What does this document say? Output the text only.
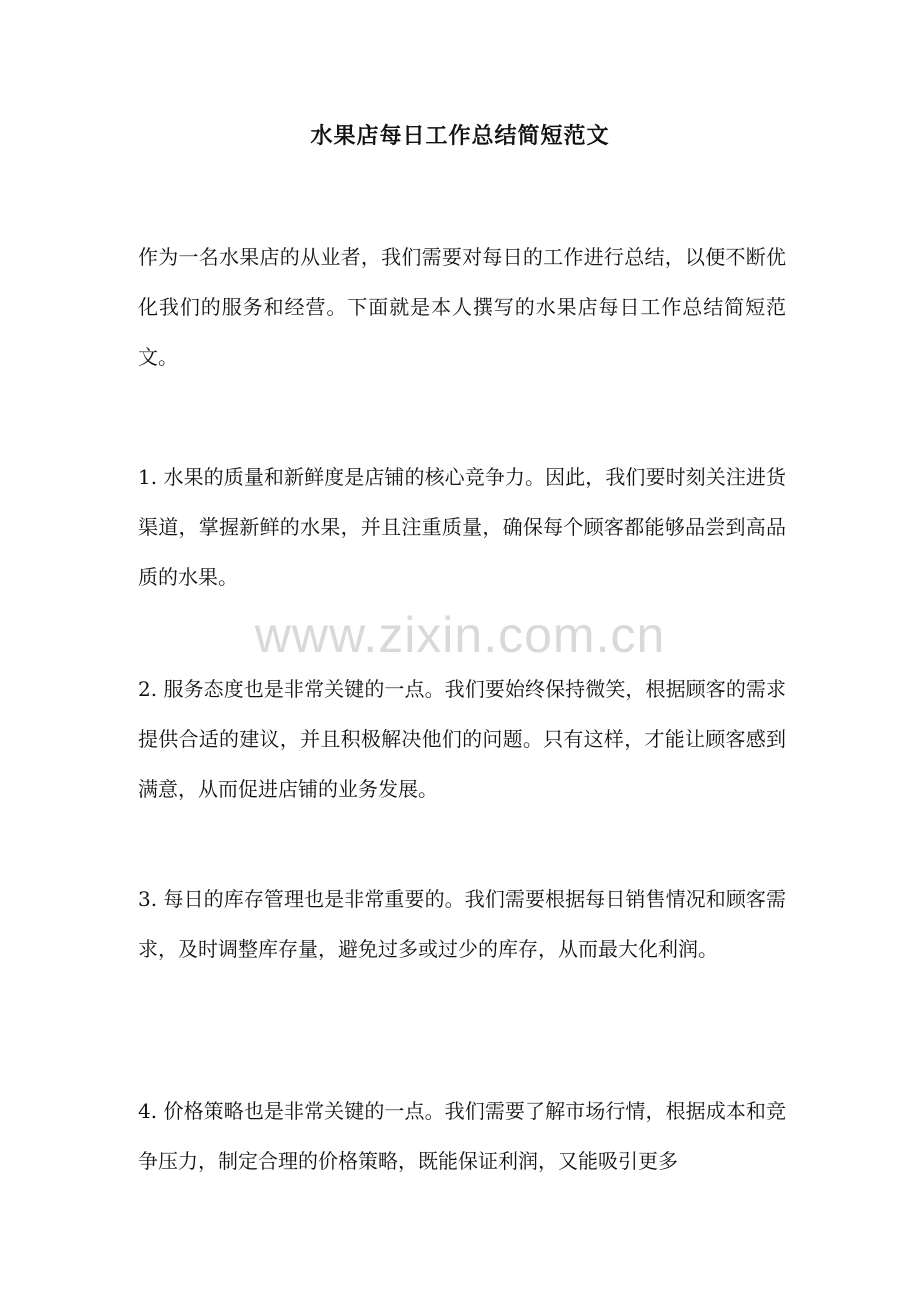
水果店每日工作总结简短范文
作为一名水果店的从业者，我们需要对每日的工作进行总结，以便不断优化我们的服务和经营。下面就是本人撰写的水果店每日工作总结简短范文。
1. 水果的质量和新鲜度是店铺的核心竞争力。因此，我们要时刻关注进货渠道，掌握新鲜的水果，并且注重质量，确保每个顾客都能够品尝到高品质的水果。
2. 服务态度也是非常关键的一点。我们要始终保持微笑，根据顾客的需求提供合适的建议，并且积极解决他们的问题。只有这样，才能让顾客感到满意，从而促进店铺的业务发展。
3. 每日的库存管理也是非常重要的。我们需要根据每日销售情况和顾客需求，及时调整库存量，避免过多或过少的库存，从而最大化利润。
4. 价格策略也是非常关键的一点。我们需要了解市场行情，根据成本和竞争压力，制定合理的价格策略，既能保证利润，又能吸引更多
www.zixin.com.cn
